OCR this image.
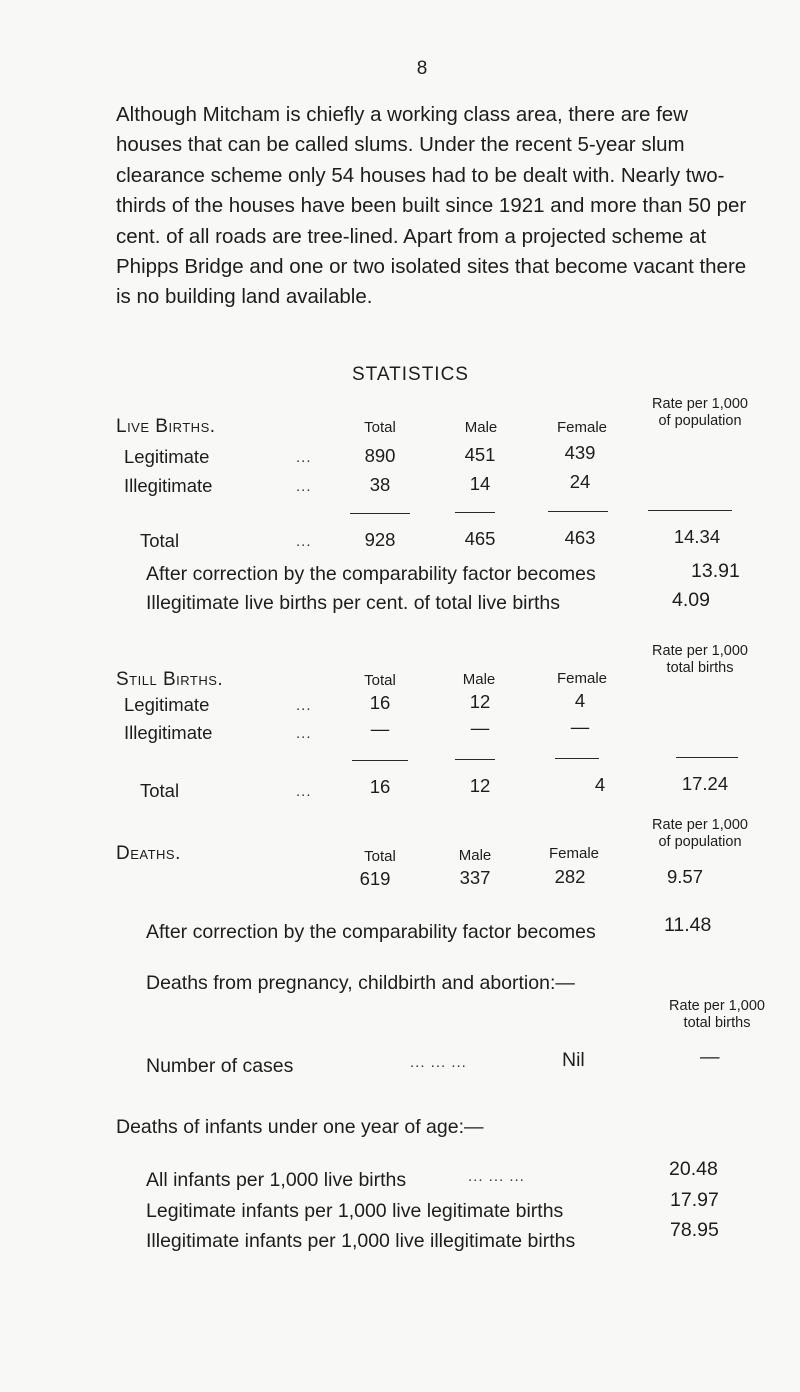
8
Although Mitcham is chiefly a working class area, there are few
houses that can be called slums. Under the recent 5-year slum
clearance scheme only 54 houses had to be dealt with. Nearly two-
thirds of the houses have been built since 1921 and more than 50 per
cent. of all roads are tree-lined. Apart from a projected scheme at
Phipps Bridge and one or two isolated sites that become vacant there
is no building land available.
STATISTICS
Live Births.	Total	Male	Female
Rate per 1,000
of population
Legitimate	...	890	451	439
Illegitimate	...	38	14	24
Total	...	928	465	463	14.34
After correction by the comparability factor becomes	13.91
Illegitimate live births per cent. of total live births	4.09
Still Births.	Total	Male	Female
Rate per 1,000
total births
Legitimate	...	16	12	4
Illegitimate	...	—	—	—
Total	...	16	12	4	17.24
Deaths.	Total	Male	Female
Rate per 1,000
of population
619	337	282	9.57
After correction by the comparability factor becomes	11.48
Deaths from pregnancy, childbirth and abortion:—
Rate per 1,000
total births
Number of cases	... ... ...	Nil	—
Deaths of infants under one year of age:—
All infants per 1,000 live births	... ... ...	20.48
Legitimate infants per 1,000 live legitimate births	17.97
Illegitimate infants per 1,000 live illegitimate births	78.95
